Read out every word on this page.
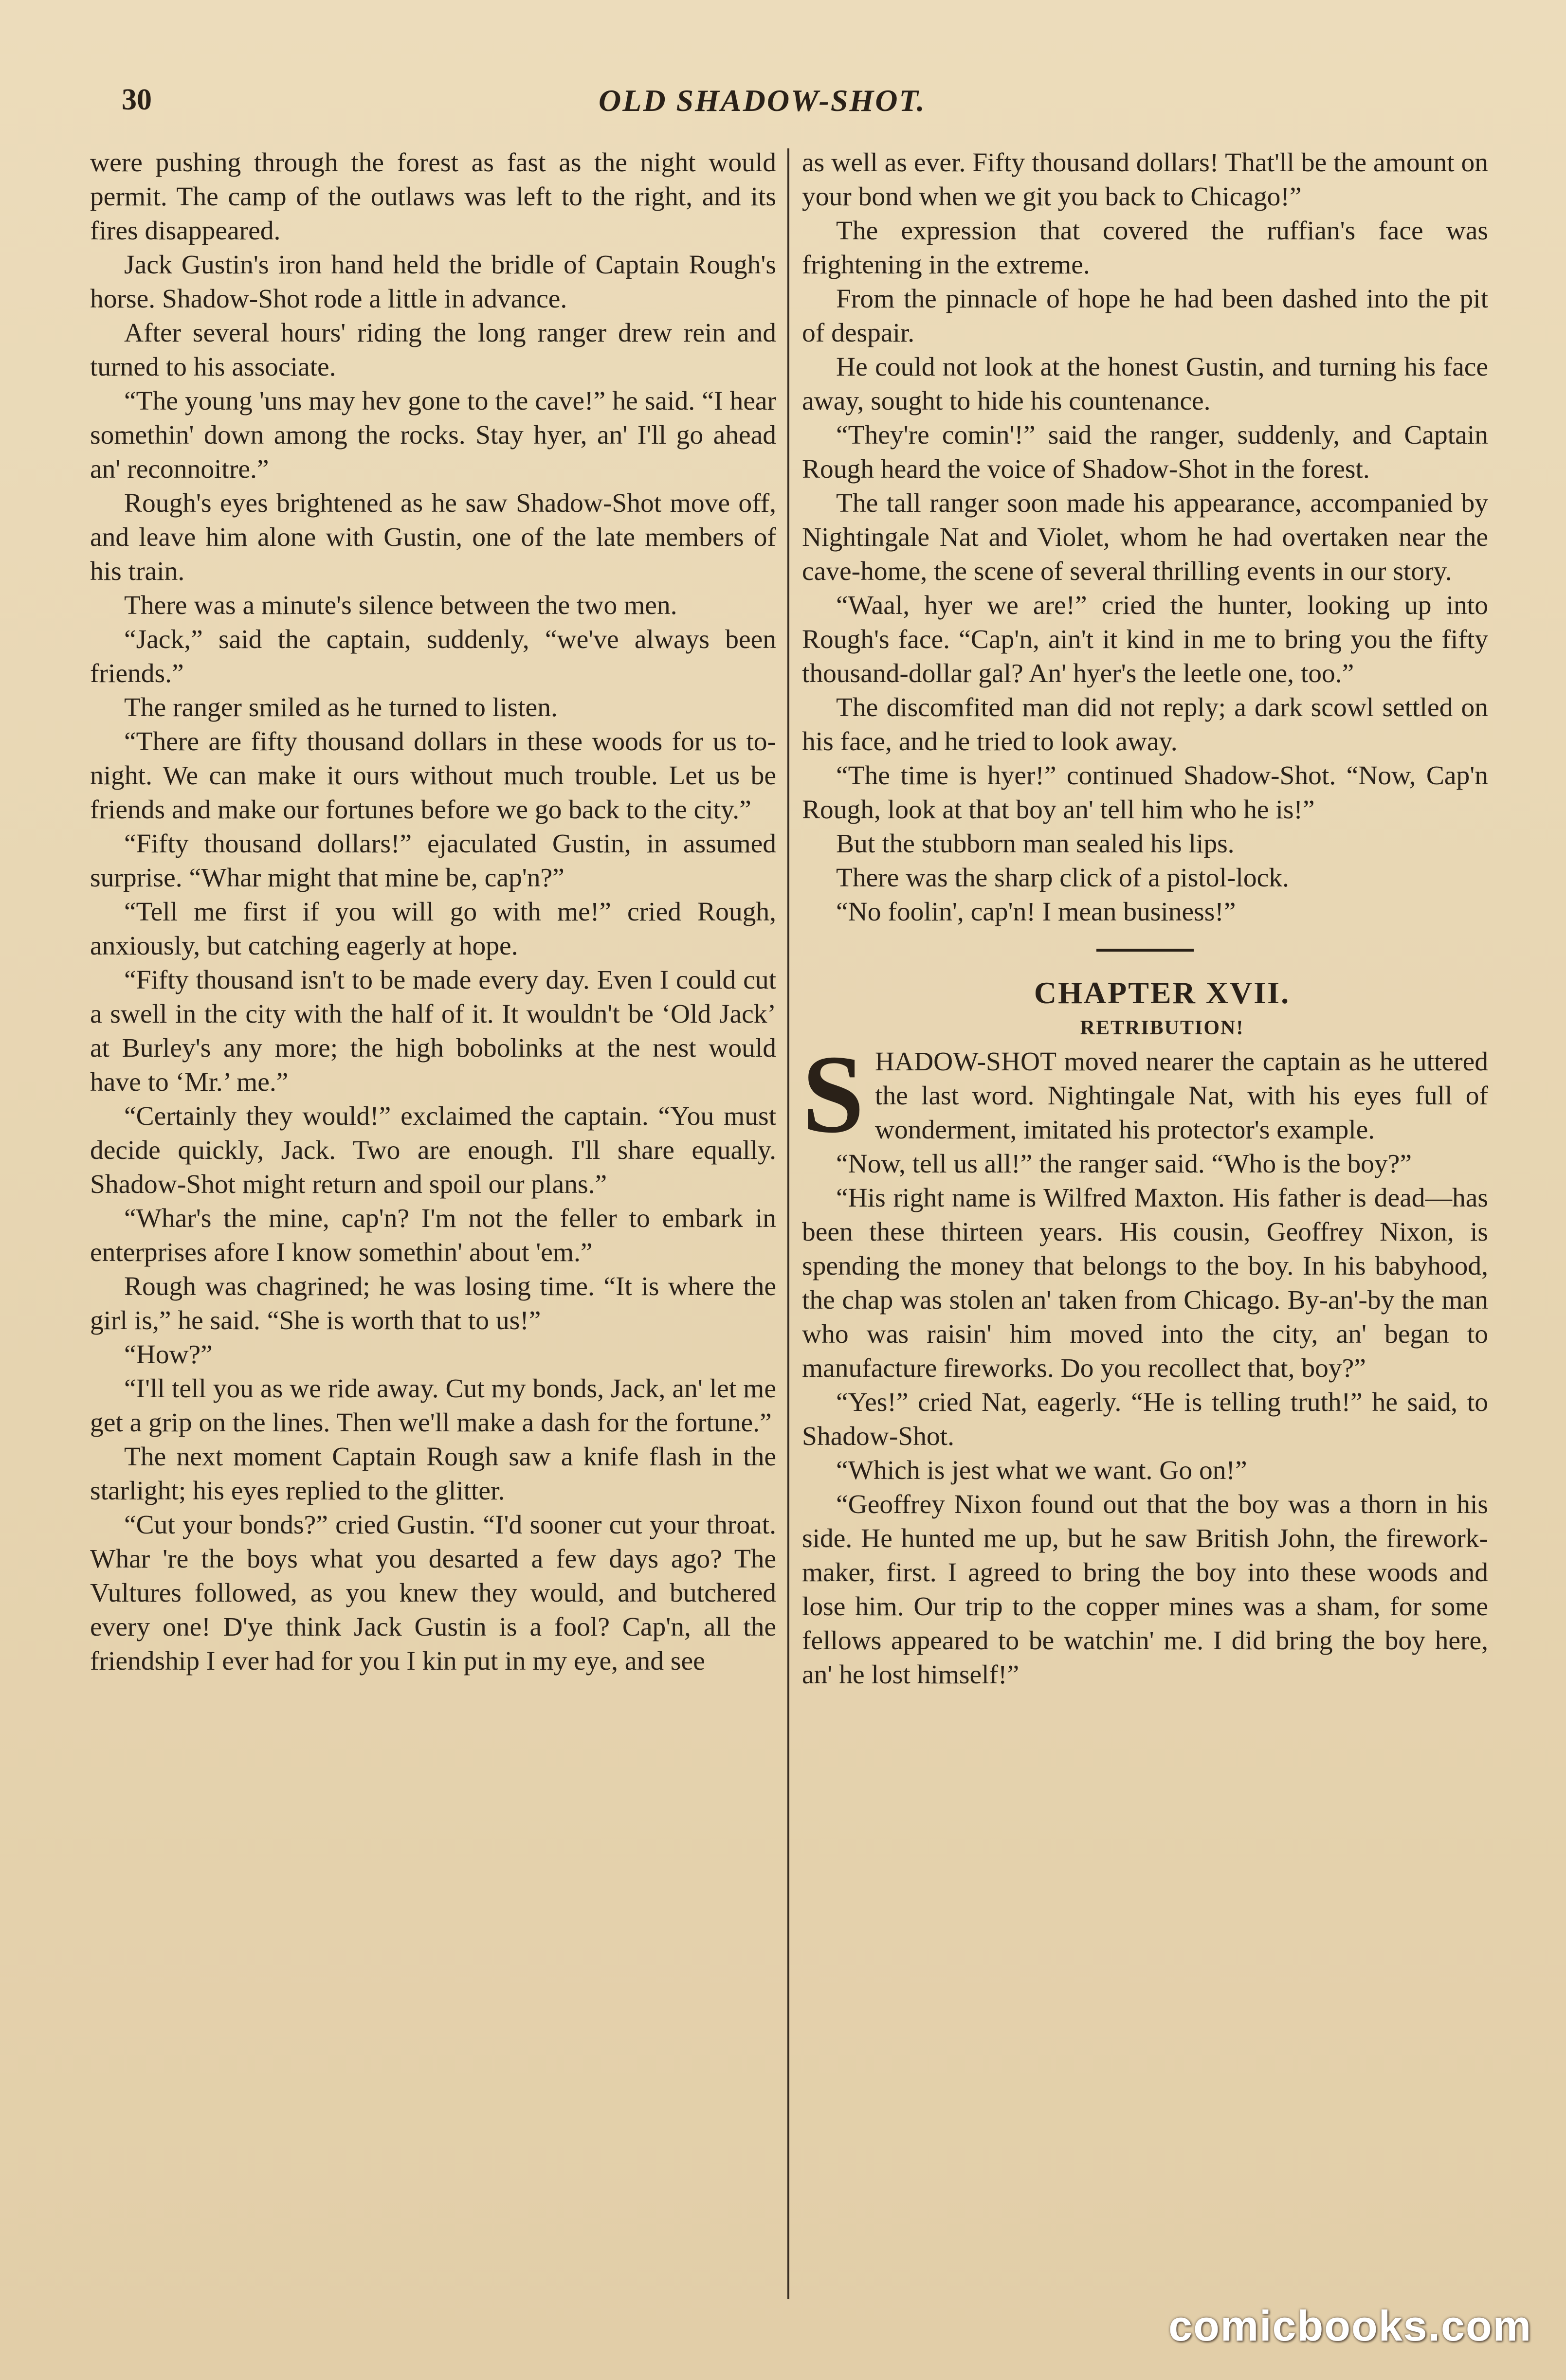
30	OLD SHADOW-SHOT.

were pushing through the forest as fast as the night would permit. The camp of the outlaws was left to the right, and its fires disappeared.

Jack Gustin's iron hand held the bridle of Captain Rough's horse. Shadow-Shot rode a little in advance.

After several hours' riding the long ranger drew rein and turned to his associate.

“The young 'uns may hev gone to the cave!” he said. “I hear somethin' down among the rocks. Stay hyer, an' I'll go ahead an' reconnoitre.”

Rough's eyes brightened as he saw Shadow-Shot move off, and leave him alone with Gustin, one of the late members of his train.

There was a minute's silence between the two men.

“Jack,” said the captain, suddenly, “we've always been friends.”

The ranger smiled as he turned to listen.

“There are fifty thousand dollars in these woods for us to-night. We can make it ours without much trouble. Let us be friends and make our fortunes before we go back to the city.”

“Fifty thousand dollars!” ejaculated Gustin, in assumed surprise. “Whar might that mine be, cap'n?”

“Tell me first if you will go with me!” cried Rough, anxiously, but catching eagerly at hope.

“Fifty thousand isn't to be made every day. Even I could cut a swell in the city with the half of it. It wouldn't be ‘Old Jack’ at Burley's any more; the high bobolinks at the nest would have to ‘Mr.’ me.”

“Certainly they would!” exclaimed the captain. “You must decide quickly, Jack. Two are enough. I'll share equally. Shadow-Shot might return and spoil our plans.”

“Whar's the mine, cap'n? I'm not the feller to embark in enterprises afore I know somethin' about 'em.”

Rough was chagrined; he was losing time. “It is where the girl is,” he said. “She is worth that to us!”

“How?”

“I'll tell you as we ride away. Cut my bonds, Jack, an' let me get a grip on the lines. Then we'll make a dash for the fortune.”

The next moment Captain Rough saw a knife flash in the starlight; his eyes replied to the glitter.

“Cut your bonds?” cried Gustin. “I'd sooner cut your throat. Whar 're the boys what you desarted a few days ago? The Vultures followed, as you knew they would, and butchered every one! D'ye think Jack Gustin is a fool? Cap'n, all the friendship I ever had for you I kin put in my eye, and see

as well as ever. Fifty thousand dollars! That'll be the amount on your bond when we git you back to Chicago!”

The expression that covered the ruffian's face was frightening in the extreme.

From the pinnacle of hope he had been dashed into the pit of despair.

He could not look at the honest Gustin, and turning his face away, sought to hide his countenance.

“They're comin'!” said the ranger, suddenly, and Captain Rough heard the voice of Shadow-Shot in the forest.

The tall ranger soon made his appearance, accompanied by Nightingale Nat and Violet, whom he had overtaken near the cave-home, the scene of several thrilling events in our story.

“Waal, hyer we are!” cried the hunter, looking up into Rough's face. “Cap'n, ain't it kind in me to bring you the fifty thousand-dollar gal? An' hyer's the leetle one, too.”

The discomfited man did not reply; a dark scowl settled on his face, and he tried to look away.

“The time is hyer!” continued Shadow-Shot. “Now, Cap'n Rough, look at that boy an' tell him who he is!”

But the stubborn man sealed his lips.

There was the sharp click of a pistol-lock.

“No foolin', cap'n! I mean business!”

CHAPTER XVII.

RETRIBUTION!

SHADOW-SHOT moved nearer the captain as he uttered the last word. Nightingale Nat, with his eyes full of wonderment, imitated his protector's example.

“Now, tell us all!” the ranger said. “Who is the boy?”

“His right name is Wilfred Maxton. His father is dead—has been these thirteen years. His cousin, Geoffrey Nixon, is spending the money that belongs to the boy. In his babyhood, the chap was stolen an' taken from Chicago. By-an'-by the man who was raisin' him moved into the city, an' began to manufacture fireworks. Do you recollect that, boy?”

“Yes!” cried Nat, eagerly. “He is telling truth!” he said, to Shadow-Shot.

“Which is jest what we want. Go on!”

“Geoffrey Nixon found out that the boy was a thorn in his side. He hunted me up, but he saw British John, the firework-maker, first. I agreed to bring the boy into these woods and lose him. Our trip to the copper mines was a sham, for some fellows appeared to be watchin' me. I did bring the boy here, an' he lost himself!”

comicbooks.com
